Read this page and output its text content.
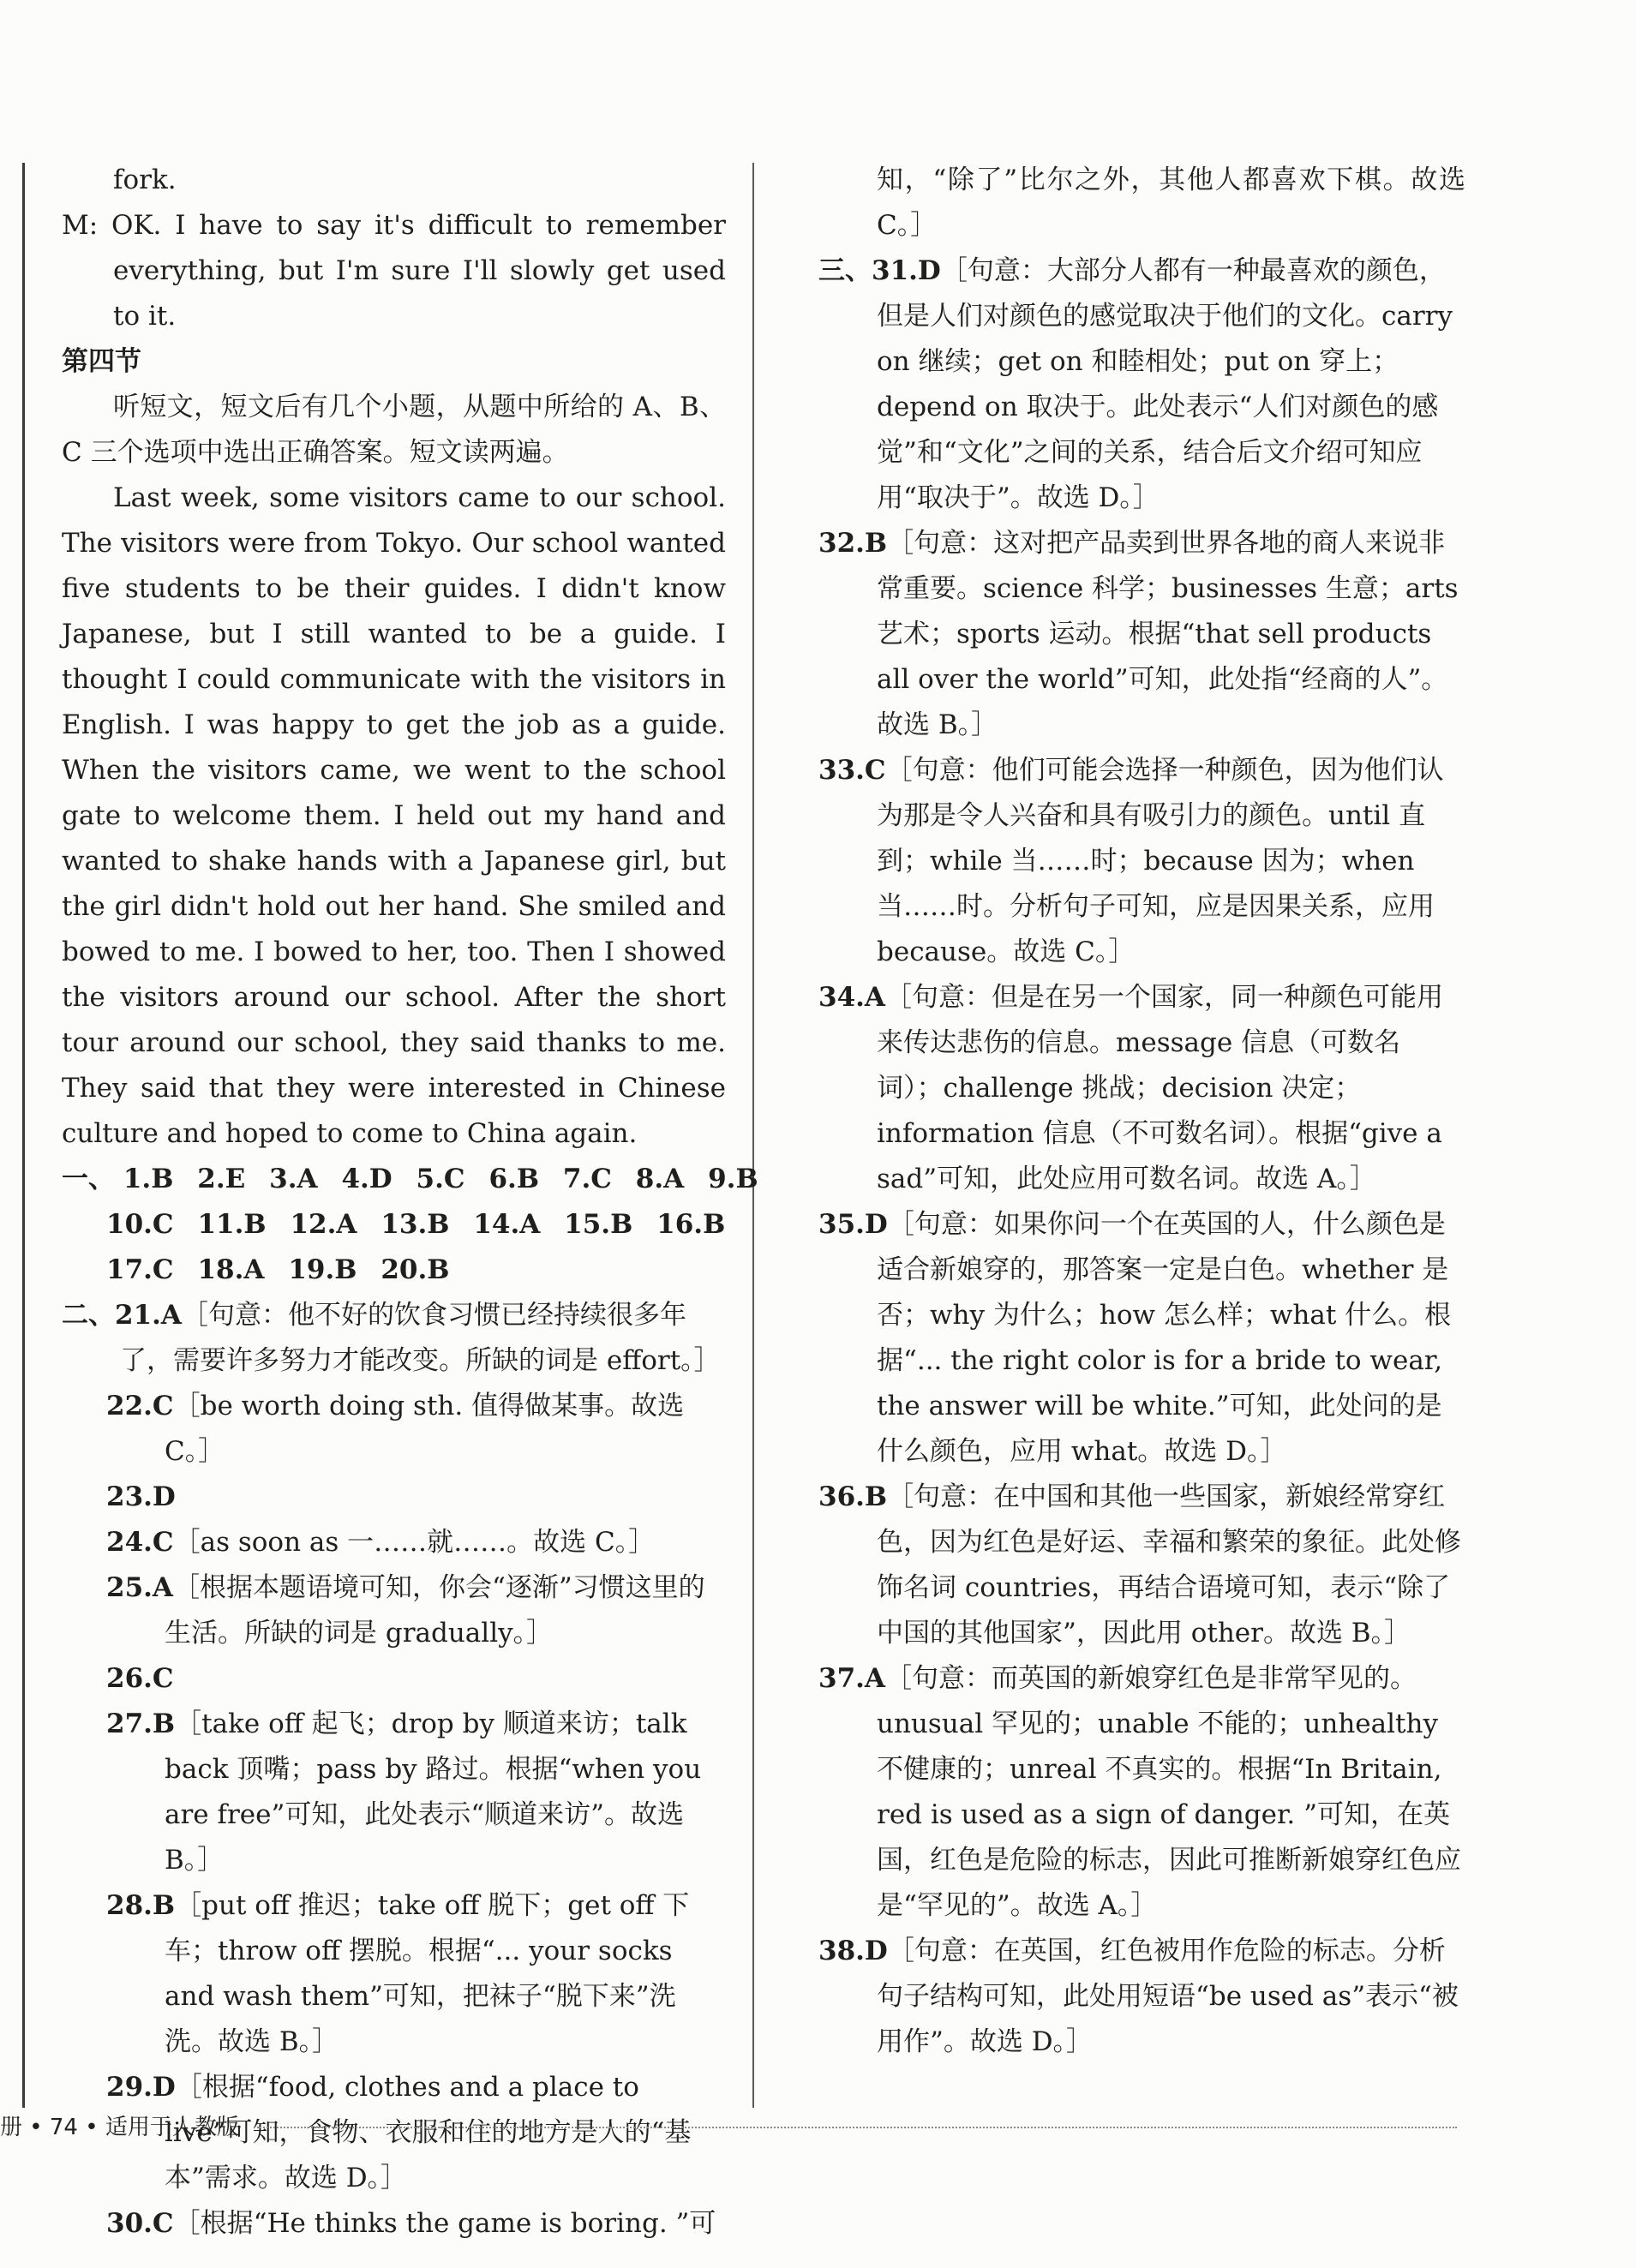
fork.

M: OK. I have to say it's difficult to remember everything, but I'm sure I'll slowly get used to it.

第四节

听短文，短文后有几个小题，从题中所给的 A、B、C 三个选项中选出正确答案。短文读两遍。

Last week, some visitors came to our school. The visitors were from Tokyo. Our school wanted five students to be their guides. I didn't know Japanese, but I still wanted to be a guide. I thought I could communicate with the visitors in English. I was happy to get the job as a guide. When the visitors came, we went to the school gate to welcome them. I held out my hand and wanted to shake hands with a Japanese girl, but the girl didn't hold out her hand. She smiled and bowed to me. I bowed to her, too. Then I showed the visitors around our school. After the short tour around our school, they said thanks to me. They said that they were interested in Chinese culture and hoped to come to China again.

一、 1.B 2.E 3.A 4.D 5.C 6.B 7.C 8.A 9.B

10.C 11.B 12.A 13.B 14.A 15.B 16.B

17.C 18.A 19.B 20.B

二、21.A［句意：他不好的饮食习惯已经持续很多年了，需要许多努力才能改变。所缺的词是 effort。］

22.C［be worth doing sth. 值得做某事。故选 C。］

23.D

24.C［as soon as 一……就……。故选 C。］

25.A［根据本题语境可知，你会“逐渐”习惯这里的生活。所缺的词是 gradually。］

26.C

27.B［take off 起飞；drop by 顺道来访；talk back 顶嘴；pass by 路过。根据“when you are free”可知，此处表示“顺道来访”。故选 B。］

28.B［put off 推迟；take off 脱下；get off 下车；throw off 摆脱。根据“... your socks and wash them”可知，把袜子“脱下来”洗洗。故选 B。］

29.D［根据“food, clothes and a place to live”可知，食物、衣服和住的地方是人的“基本”需求。故选 D。］

30.C［根据“He thinks the game is boring. ”可

知，“除了”比尔之外，其他人都喜欢下棋。故选 C。］

三、31.D［句意：大部分人都有一种最喜欢的颜色，但是人们对颜色的感觉取决于他们的文化。carry on 继续；get on 和睦相处；put on 穿上；depend on 取决于。此处表示“人们对颜色的感觉”和“文化”之间的关系，结合后文介绍可知应用“取决于”。故选 D。］

32.B［句意：这对把产品卖到世界各地的商人来说非常重要。science 科学；businesses 生意；arts 艺术；sports 运动。根据“that sell products all over the world”可知，此处指“经商的人”。故选 B。］

33.C［句意：他们可能会选择一种颜色，因为他们认为那是令人兴奋和具有吸引力的颜色。until 直到；while 当……时；because 因为；when 当……时。分析句子可知，应是因果关系，应用 because。故选 C。］

34.A［句意：但是在另一个国家，同一种颜色可能用来传达悲伤的信息。message 信息（可数名词）；challenge 挑战；decision 决定；information 信息（不可数名词）。根据“give a sad”可知，此处应用可数名词。故选 A。］

35.D［句意：如果你问一个在英国的人，什么颜色是适合新娘穿的，那答案一定是白色。whether 是否；why 为什么；how 怎么样；what 什么。根据“... the right color is for a bride to wear, the answer will be white.”可知，此处问的是什么颜色，应用 what。故选 D。］

36.B［句意：在中国和其他一些国家，新娘经常穿红色，因为红色是好运、幸福和繁荣的象征。此处修饰名词 countries，再结合语境可知，表示“除了中国的其他国家”，因此用 other。故选 B。］

37.A［句意：而英国的新娘穿红色是非常罕见的。unusual 罕见的；unable 不能的；unhealthy 不健康的；unreal 不真实的。根据“In Britain, red is used as a sign of danger. ”可知，在英国，红色是危险的标志，因此可推断新娘穿红色应是“罕见的”。故选 A。］

38.D［句意：在英国，红色被用作危险的标志。分析句子结构可知，此处用短语“be used as”表示“被用作”。故选 D。］

册 • 74 • 适用于人教版
